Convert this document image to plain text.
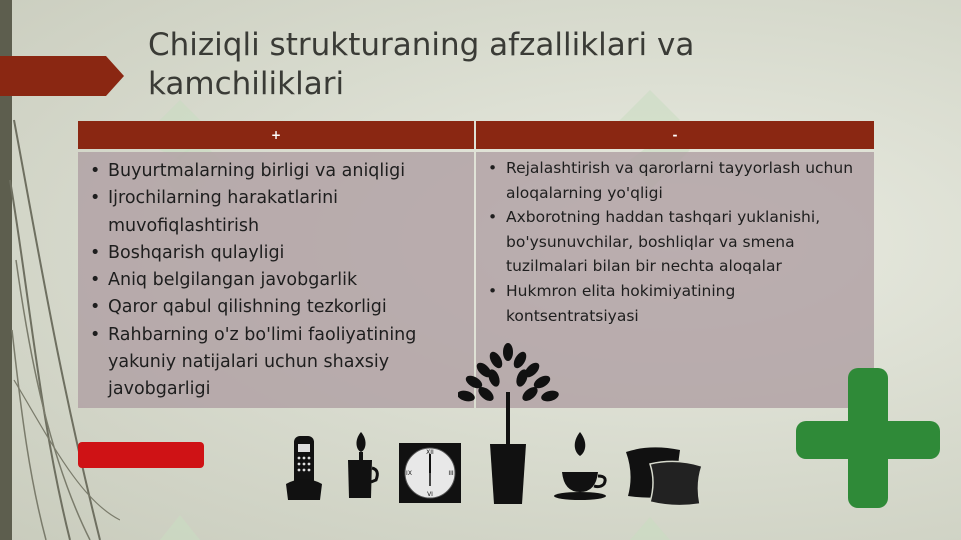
Chiziqli strukturaning afzalliklari va kamchiliklari
+	-
• Buyurtmalarning birligi va aniqligi
• Ijrochilarning harakatlarini muvofiqlashtirish
• Boshqarish qulayligi
• Aniq belgilangan javobgarlik
• Qaror qabul qilishning tezkorligi
• Rahbarning o'z bo'limi faoliyatining yakuniy natijalari uchun shaxsiy javobgarligi
• Rejalashtirish va qarorlarni tayyorlash uchun aloqalarning yo'qligi
• Axborotning haddan tashqari yuklanishi, bo'ysunuvchilar, boshliqlar va smena tuzilmalari bilan bir nechta aloqalar
• Hukmron elita hokimiyatining kontsentratsiyasi
XII
III
VI
IX
